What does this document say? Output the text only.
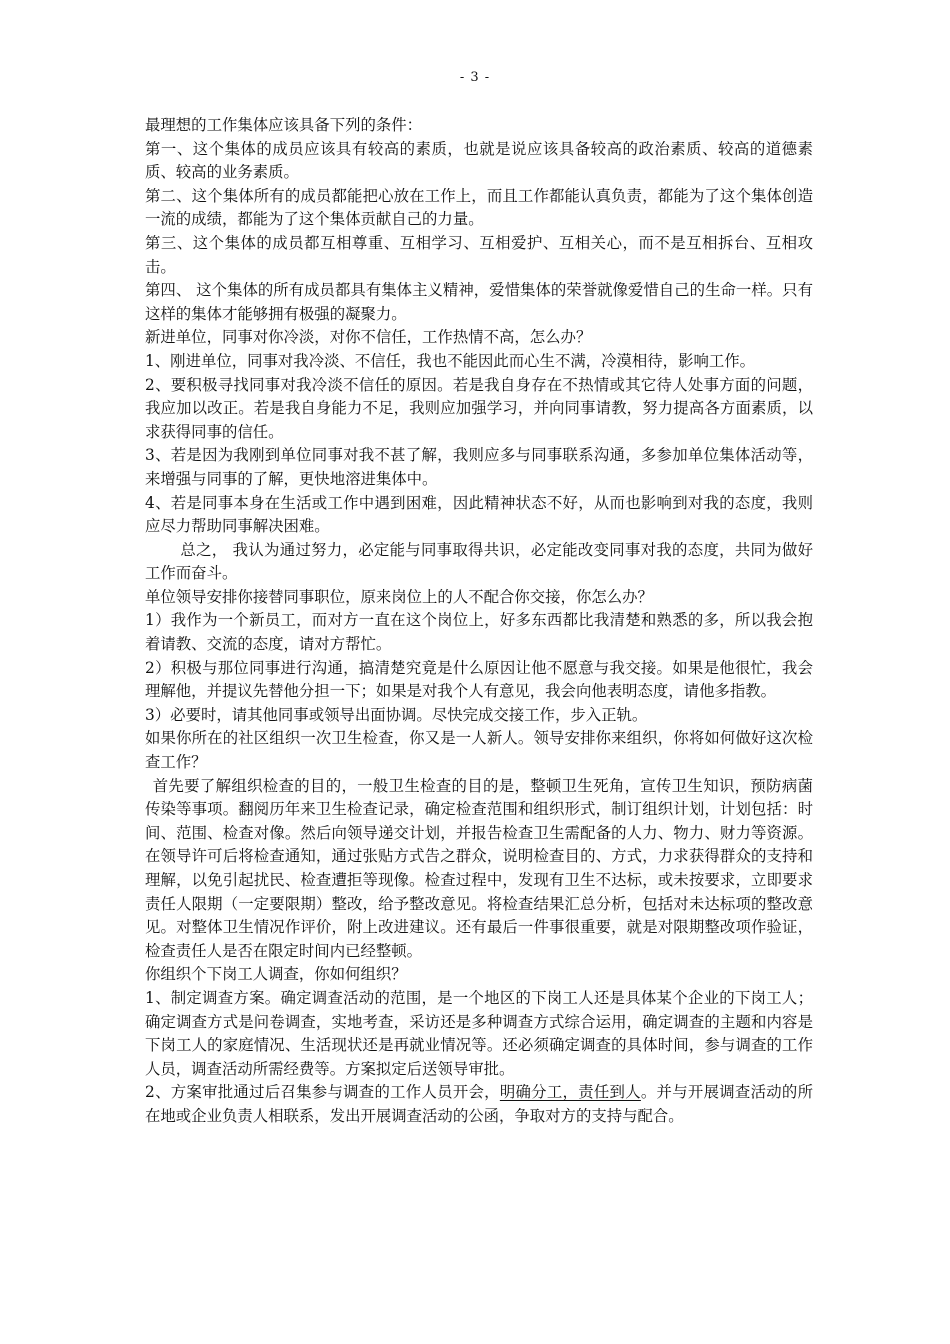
- 3 -

最理想的工作集体应该具备下列的条件：

第一、这个集体的成员应该具有较高的素质，也就是说应该具备较高的政治素质、较高的道德素质、较高的业务素质。

第二、这个集体所有的成员都能把心放在工作上，而且工作都能认真负责，都能为了这个集体创造一流的成绩，都能为了这个集体贡献自己的力量。

第三、这个集体的成员都互相尊重、互相学习、互相爱护、互相关心，而不是互相拆台、互相攻击。

第四、 这个集体的所有成员都具有集体主义精神，爱惜集体的荣誉就像爱惜自己的生命一样。只有这样的集体才能够拥有极强的凝聚力。

新进单位，同事对你冷淡，对你不信任，工作热情不高，怎么办？

1、刚进单位，同事对我冷淡、不信任，我也不能因此而心生不满，冷漠相待，影响工作。

2、要积极寻找同事对我冷淡不信任的原因。若是我自身存在不热情或其它待人处事方面的问题，我应加以改正。若是我自身能力不足，我则应加强学习，并向同事请教，努力提高各方面素质，以求获得同事的信任。

3、若是因为我刚到单位同事对我不甚了解，我则应多与同事联系沟通，多参加单位集体活动等，来增强与同事的了解，更快地溶进集体中。

4、若是同事本身在生活或工作中遇到困难，因此精神状态不好，从而也影响到对我的态度，我则应尽力帮助同事解决困难。

总之， 我认为通过努力，必定能与同事取得共识，必定能改变同事对我的态度，共同为做好工作而奋斗。

单位领导安排你接替同事职位，原来岗位上的人不配合你交接，你怎么办？

1）我作为一个新员工，而对方一直在这个岗位上，好多东西都比我清楚和熟悉的多，所以我会抱着请教、交流的态度，请对方帮忙。

2）积极与那位同事进行沟通，搞清楚究竟是什么原因让他不愿意与我交接。如果是他很忙，我会理解他，并提议先替他分担一下；如果是对我个人有意见，我会向他表明态度，请他多指教。

3）必要时，请其他同事或领导出面协调。尽快完成交接工作，步入正轨。

如果你所在的社区组织一次卫生检查，你又是一人新人。领导安排你来组织，你将如何做好这次检查工作？

首先要了解组织检查的目的，一般卫生检查的目的是，整顿卫生死角，宣传卫生知识，预防病菌传染等事项。翻阅历年来卫生检查记录，确定检查范围和组织形式，制订组织计划，计划包括：时间、范围、检查对像。然后向领导递交计划，并报告检查卫生需配备的人力、物力、财力等资源。在领导许可后将检查通知，通过张贴方式告之群众，说明检查目的、方式，力求获得群众的支持和理解，以免引起扰民、检查遭拒等现像。检查过程中，发现有卫生不达标，或未按要求，立即要求责任人限期（一定要限期）整改，给予整改意见。将检查结果汇总分析，包括对未达标项的整改意见。对整体卫生情况作评价，附上改进建议。还有最后一件事很重要，就是对限期整改项作验证，检查责任人是否在限定时间内已经整顿。

你组织个下岗工人调查，你如何组织？

1、制定调查方案。确定调查活动的范围，是一个地区的下岗工人还是具体某个企业的下岗工人；确定调查方式是问卷调查，实地考查，采访还是多种调查方式综合运用，确定调查的主题和内容是下岗工人的家庭情况、生活现状还是再就业情况等。还必须确定调查的具体时间，参与调查的工作人员，调查活动所需经费等。方案拟定后送领导审批。

2、方案审批通过后召集参与调查的工作人员开会，明确分工，责任到人。并与开展调查活动的所在地或企业负责人相联系，发出开展调查活动的公函，争取对方的支持与配合。
